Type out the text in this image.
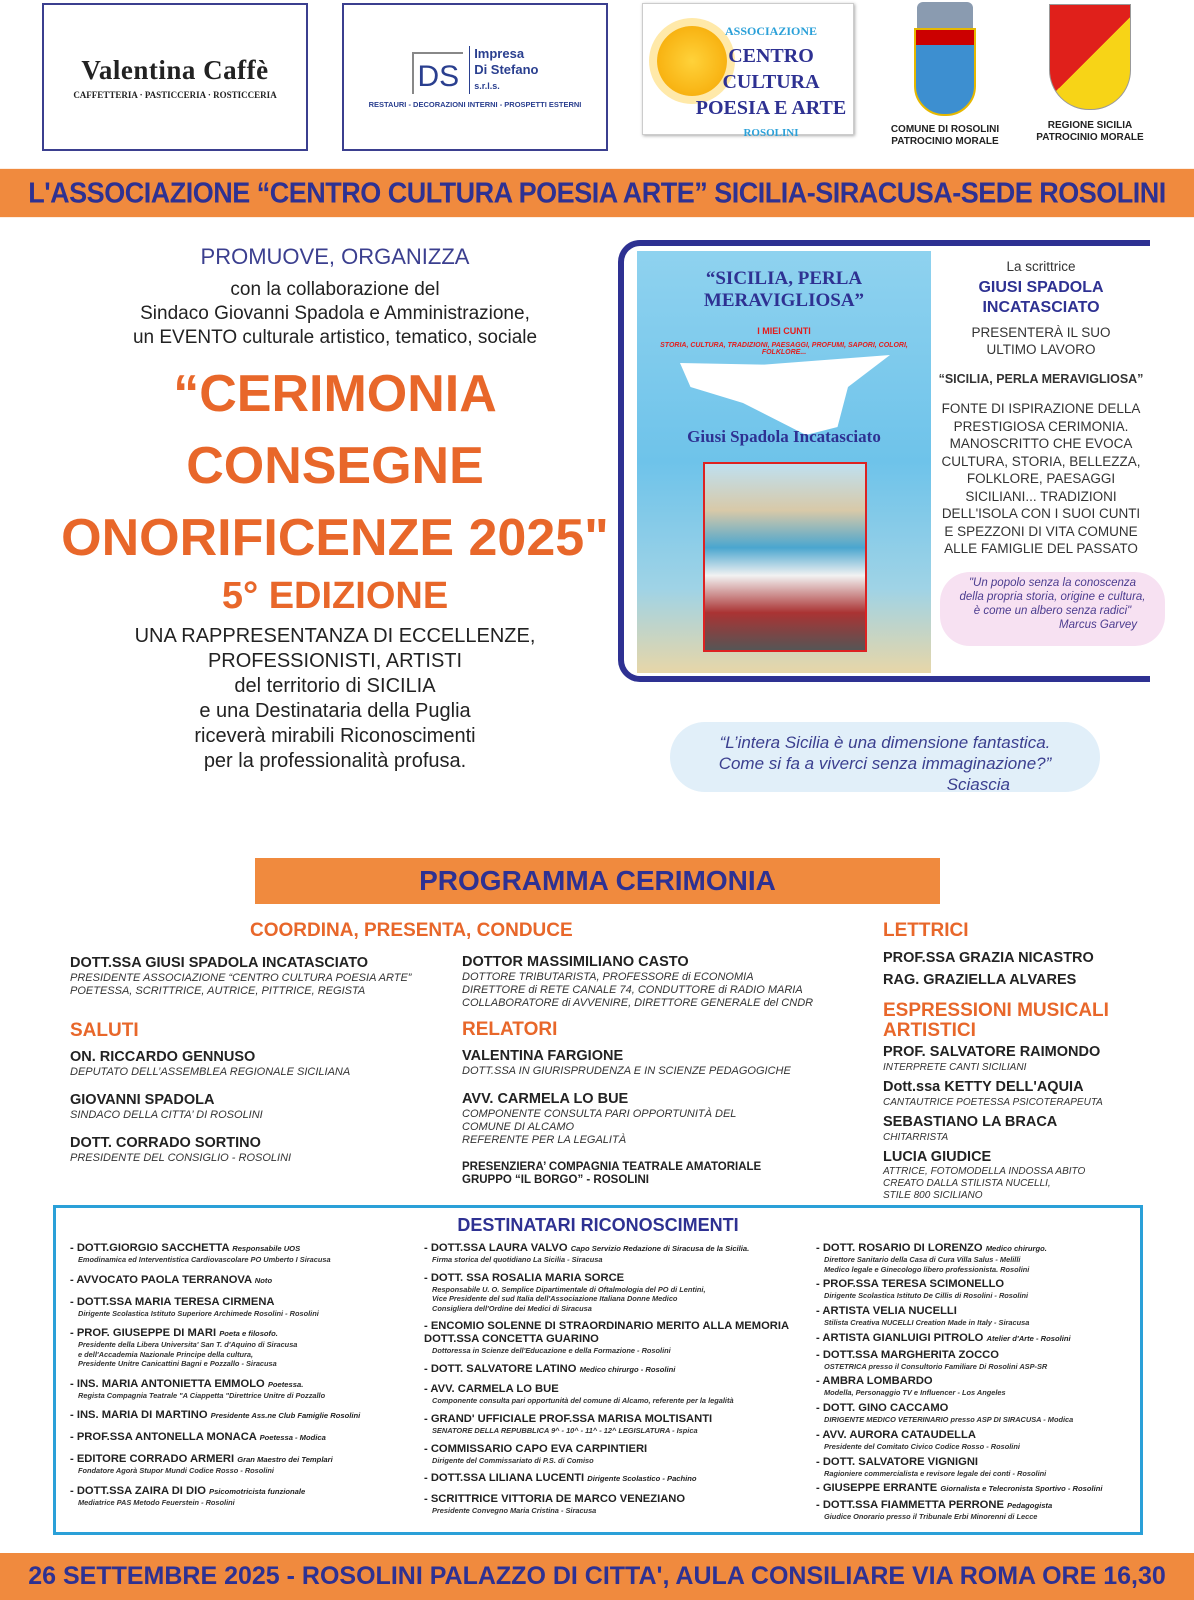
Valentina Caffè
CAFFETTERIA · PASTICCERIA · ROSTICCERIA
DS
Impresa
Di Stefano
s.r.l.s.
RESTAURI - DECORAZIONI INTERNI - PROSPETTI ESTERNI
ASSOCIAZIONE
CENTRO CULTURA
POESIA E ARTE
ROSOLINI	COMUNE DI ROSOLINI
PATROCINIO MORALE
REGIONE SICILIA
PATROCINIO MORALE
L'ASSOCIAZIONE “CENTRO CULTURA POESIA ARTE” SICILIA-SIRACUSA-SEDE ROSOLINI
PROMUOVE, ORGANIZZA
con la collaborazione del
Sindaco Giovanni Spadola e Amministrazione,
un EVENTO culturale artistico, tematico, sociale
“CERIMONIA
CONSEGNE
ONORIFICENZE 2025"
5° EDIZIONE
UNA RAPPRESENTANZA DI ECCELLENZE,
PROFESSIONISTI, ARTISTI
del territorio di SICILIA
e una Destinataria della Puglia
riceverà mirabili Riconoscimenti
per la professionalità profusa.
“SICILIA, PERLA MERAVIGLIOSA”
I MIEI CUNTI
STORIA, CULTURA, TRADIZIONI, PAESAGGI, PROFUMI, SAPORI, COLORI, FOLKLORE...
Giusi Spadola Incatasciato
La scrittrice
GIUSI SPADOLA INCATASCIATO
PRESENTERÀ IL SUO ULTIMO LAVORO
“SICILIA, PERLA MERAVIGLIOSA”
FONTE DI ISPIRAZIONE DELLA PRESTIGIOSA CERIMONIA. MANOSCRITTO CHE EVOCA CULTURA, STORIA, BELLEZZA, FOLKLORE, PAESAGGI SICILIANI... TRADIZIONI DELL'ISOLA CON I SUOI CUNTI E SPEZZONI DI VITA COMUNE ALLE FAMIGLIE DEL PASSATO
"Un popolo senza la conoscenza della propria storia, origine e cultura, è come un albero senza radici"
Marcus Garvey
“L’intera Sicilia è una dimensione fantastica. Come si fa a viverci senza immaginazione?”
Sciascia
PROGRAMMA CERIMONIA
COORDINA, PRESENTA, CONDUCE
DOTT.SSA GIUSI SPADOLA INCATASCIATO
PRESIDENTE ASSOCIAZIONE “CENTRO CULTURA POESIA ARTE”
POETESSA, SCRITTRICE, AUTRICE, PITTRICE, REGISTA
DOTTOR MASSIMILIANO CASTO
DOTTORE TRIBUTARISTA, PROFESSORE di ECONOMIA
DIRETTORE di RETE CANALE 74, CONDUTTORE di RADIO MARIA
COLLABORATORE di AVVENIRE, DIRETTORE GENERALE del CNDR
SALUTI
ON. RICCARDO GENNUSO
DEPUTATO DELL’ASSEMBLEA REGIONALE SICILIANA
GIOVANNI SPADOLA
SINDACO DELLA CITTA’ DI ROSOLINI
DOTT. CORRADO SORTINO
PRESIDENTE DEL CONSIGLIO - ROSOLINI
RELATORI
VALENTINA FARGIONE
DOTT.SSA IN GIURISPRUDENZA E IN SCIENZE PEDAGOGICHE
AVV. CARMELA LO BUE
COMPONENTE CONSULTA PARI OPPORTUNITÀ DEL
COMUNE DI ALCAMO
REFERENTE PER LA LEGALITÀ
PRESENZIERA’ COMPAGNIA TEATRALE AMATORIALE
GRUPPO “IL BORGO” - ROSOLINI
LETTRICI
PROF.SSA GRAZIA NICASTRO
RAG. GRAZIELLA ALVARES
ESPRESSIONI MUSICALI ARTISTICI
PROF. SALVATORE RAIMONDO
INTERPRETE CANTI SICILIANI
Dott.ssa KETTY DELL'AQUIA
CANTAUTRICE POETESSA PSICOTERAPEUTA
SEBASTIANO LA BRACA
CHITARRISTA
LUCIA GIUDICE
ATTRICE, FOTOMODELLA INDOSSA ABITO
CREATO DALLA STILISTA NUCELLI,
STILE 800 SICILIANO
DESTINATARI RICONOSCIMENTI
- DOTT.GIORGIO SACCHETTA Responsabile UOS
Emodinamica ed Interventistica Cardiovascolare PO Umberto I Siracusa
- AVVOCATO PAOLA TERRANOVA Noto
- DOTT.SSA MARIA TERESA CIRMENA
Dirigente Scolastica Istituto Superiore Archimede Rosolini - Rosolini
- PROF. GIUSEPPE DI MARI Poeta e filosofo.
Presidente della Libera Universita' San T. d'Aquino di Siracusa
e dell'Accademia Nazionale Principe della cultura,
Presidente Unitre Canicattini Bagni e Pozzallo - Siracusa
- INS. MARIA ANTONIETTA EMMOLO Poetessa.
Regista Compagnia Teatrale "A Ciappetta "Direttrice Unitre di Pozzallo
- INS. MARIA DI MARTINO Presidente Ass.ne Club Famiglie Rosolini
- PROF.SSA ANTONELLA MONACA Poetessa - Modica
- EDITORE CORRADO ARMERI Gran Maestro dei Templari
Fondatore Agorà Stupor Mundi Codice Rosso - Rosolini
- DOTT.SSA ZAIRA DI DIO Psicomotricista funzionale
Mediatrice PAS Metodo Feuerstein - Rosolini
- DOTT.SSA LAURA VALVO Capo Servizio Redazione di Siracusa de la Sicilia.
Firma storica del quotidiano La Sicilia - Siracusa
- DOTT. SSA ROSALIA MARIA SORCE
Responsabile U. O. Semplice Dipartimentale di Oftalmologia del PO di Lentini,
Vice Presidente del sud Italia dell'Associazione Italiana Donne Medico
Consigliera dell'Ordine dei Medici di Siracusa
- ENCOMIO SOLENNE DI STRAORDINARIO MERITO ALLA MEMORIA
DOTT.SSA CONCETTA GUARINO
Dottoressa in Scienze dell'Educazione e della Formazione - Rosolini
- DOTT. SALVATORE LATINO Medico chirurgo - Rosolini
- AVV. CARMELA LO BUE
Componente consulta pari opportunità del comune di Alcamo, referente per la legalità
- GRAND' UFFICIALE PROF.SSA MARISA MOLTISANTI
SENATORE DELLA REPUBBLICA 9^ - 10^ - 11^ - 12^ LEGISLATURA - Ispica
- COMMISSARIO CAPO EVA CARPINTIERI
Dirigente del Commissariato di P.S. di Comiso
- DOTT.SSA LILIANA LUCENTI Dirigente Scolastico - Pachino
- SCRITTRICE VITTORIA DE MARCO VENEZIANO
Presidente Convegno Maria Cristina - Siracusa
- DOTT. ROSARIO DI LORENZO Medico chirurgo.
Direttore Sanitario della Casa di Cura Villa Salus - Melilli
Medico legale e Ginecologo libero professionista. Rosolini
- PROF.SSA TERESA SCIMONELLO
Dirigente Scolastica Istituto De Cillis di Rosolini - Rosolini
- ARTISTA VELIA NUCELLI
Stilista Creativa NUCELLI Creation Made in Italy - Siracusa
- ARTISTA GIANLUIGI PITROLO Atelier d'Arte - Rosolini
- DOTT.SSA MARGHERITA ZOCCO
OSTETRICA presso il Consultorio Familiare Di Rosolini ASP-SR
- AMBRA LOMBARDO
Modella, Personaggio TV e Influencer - Los Angeles
- DOTT. GINO CACCAMO
DIRIGENTE MEDICO VETERINARIO presso ASP DI SIRACUSA - Modica
- AVV. AURORA CATAUDELLA
Presidente del Comitato Civico Codice Rosso - Rosolini
- DOTT. SALVATORE VIGNIGNI
Ragioniere commercialista e revisore legale dei conti - Rosolini
- GIUSEPPE ERRANTE Giornalista e Telecronista Sportivo - Rosolini
- DOTT.SSA FIAMMETTA PERRONE Pedagogista
Giudice Onorario presso il Tribunale Erbi Minorenni di Lecce
26 SETTEMBRE 2025 - ROSOLINI PALAZZO DI CITTA', AULA CONSILIARE VIA ROMA ORE 16,30
